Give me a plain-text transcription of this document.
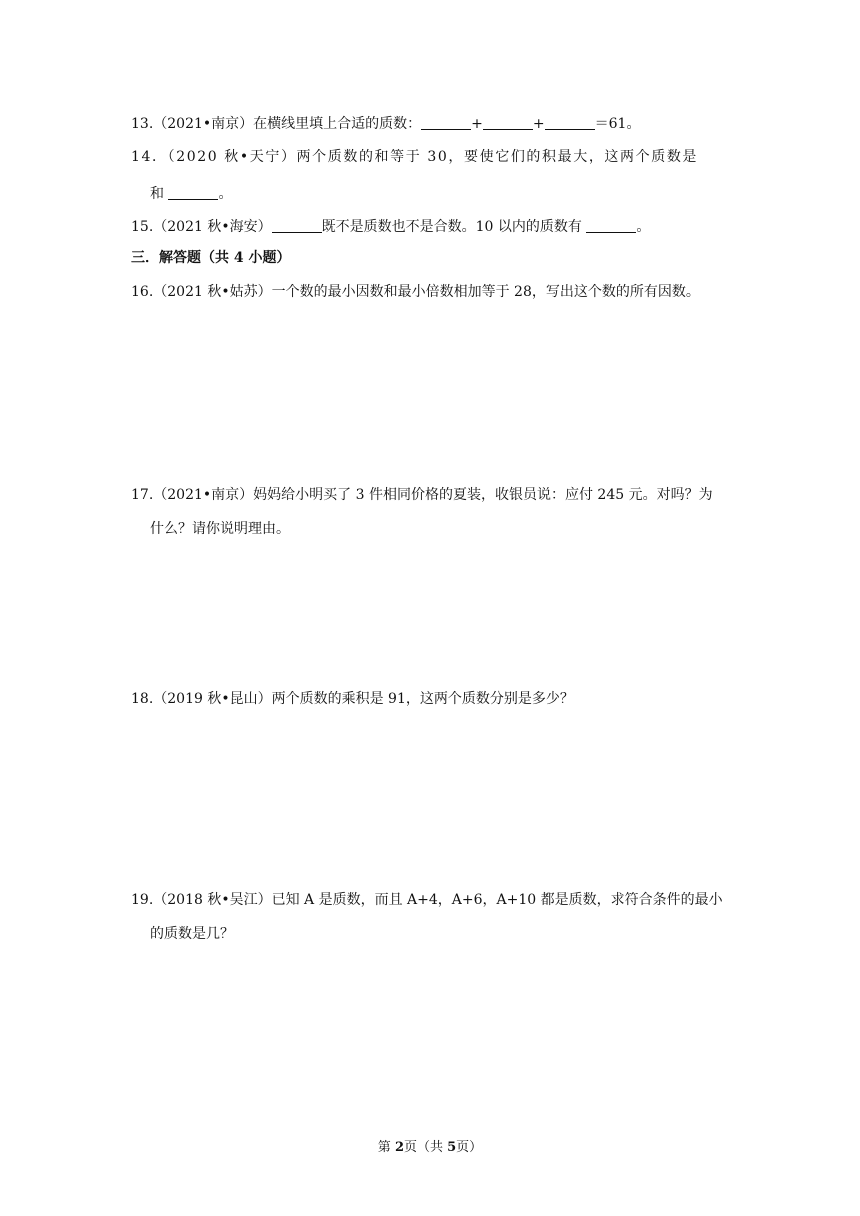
13.（2021•南京）在横线里填上合适的质数：	+	+	＝61。
14．（2020 秋•天宁）两个质数的和等于 30，要使它们的积最大，这两个质数是
和	。
15.（2021 秋•海安）	既不是质数也不是合数。10 以内的质数有	。
三．解答题（共 4 小题）
16.（2021 秋•姑苏）一个数的最小因数和最小倍数相加等于 28，写出这个数的所有因数。
17.（2021•南京）妈妈给小明买了 3 件相同价格的夏装，收银员说：应付 245 元。对吗？为
什么？请你说明理由。
18.（2019 秋•昆山）两个质数的乘积是 91，这两个质数分别是多少？
19.（2018 秋•吴江）已知 A 是质数，而且 A+4，A+6，A+10 都是质数，求符合条件的最小
的质数是几？
第 2页（共 5页）
